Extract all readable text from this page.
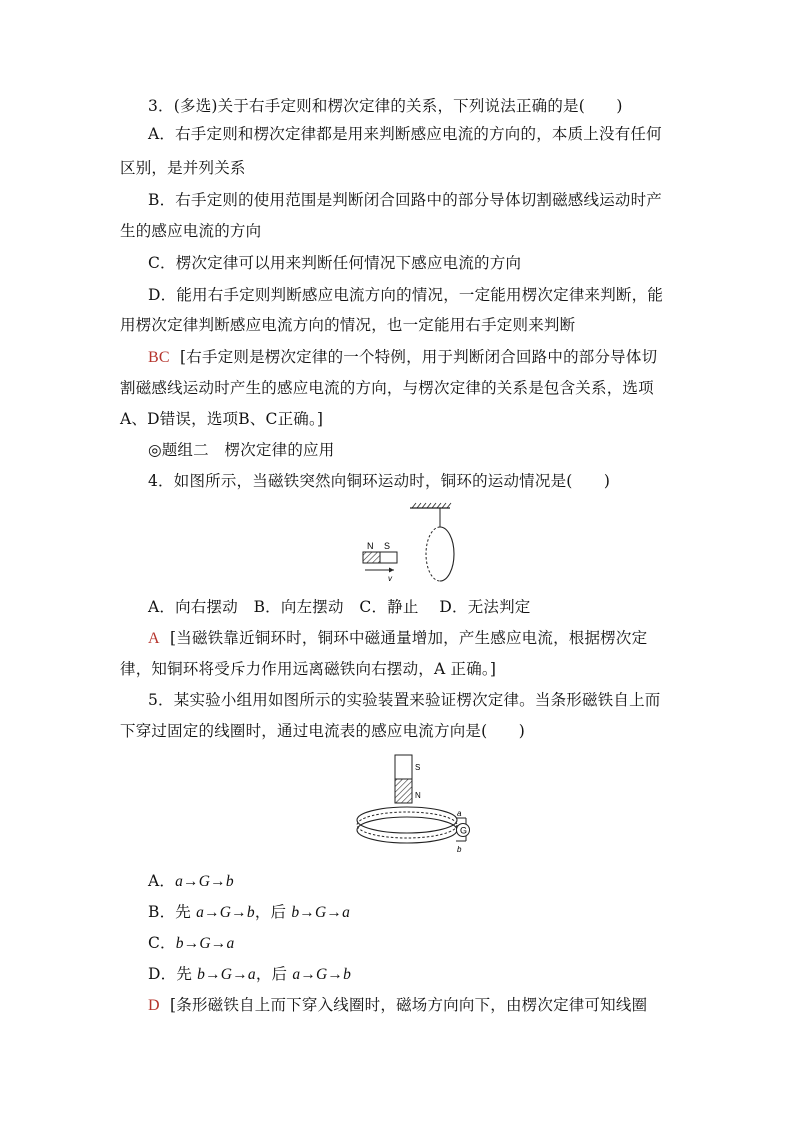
3．(多选)关于右手定则和楞次定律的关系，下列说法正确的是(　　)
A．右手定则和楞次定律都是用来判断感应电流的方向的，本质上没有任何
区别，是并列关系
B．右手定则的使用范围是判断闭合回路中的部分导体切割磁感线运动时产
生的感应电流的方向
C．楞次定律可以用来判断任何情况下感应电流的方向
D．能用右手定则判断感应电流方向的情况，一定能用楞次定律来判断，能
用楞次定律判断感应电流方向的情况，也一定能用右手定则来判断
BC [右手定则是楞次定律的一个特例，用于判断闭合回路中的部分导体切
割磁感线运动时产生的感应电流的方向，与楞次定律的关系是包含关系，选项
A、D错误，选项B、C正确。]
◎题组二　楞次定律的应用
4．如图所示，当磁铁突然向铜环运动时，铜环的运动情况是(　　)
N S
v
A．向右摆动　B．向左摆动　C．静止　 D．无法判定
A [当磁铁靠近铜环时，铜环中磁通量增加，产生感应电流，根据楞次定
律，知铜环将受斥力作用远离磁铁向右摆动，A 正确。]
5．某实验小组用如图所示的实验装置来验证楞次定律。当条形磁铁自上而
下穿过固定的线圈时，通过电流表的感应电流方向是(　　)
S
N
G
a
b
A．a→G→b
B．先 a→G→b，后 b→G→a
C．b→G→a
D．先 b→G→a，后 a→G→b
D [条形磁铁自上而下穿入线圈时，磁场方向向下，由楞次定律可知线圈
